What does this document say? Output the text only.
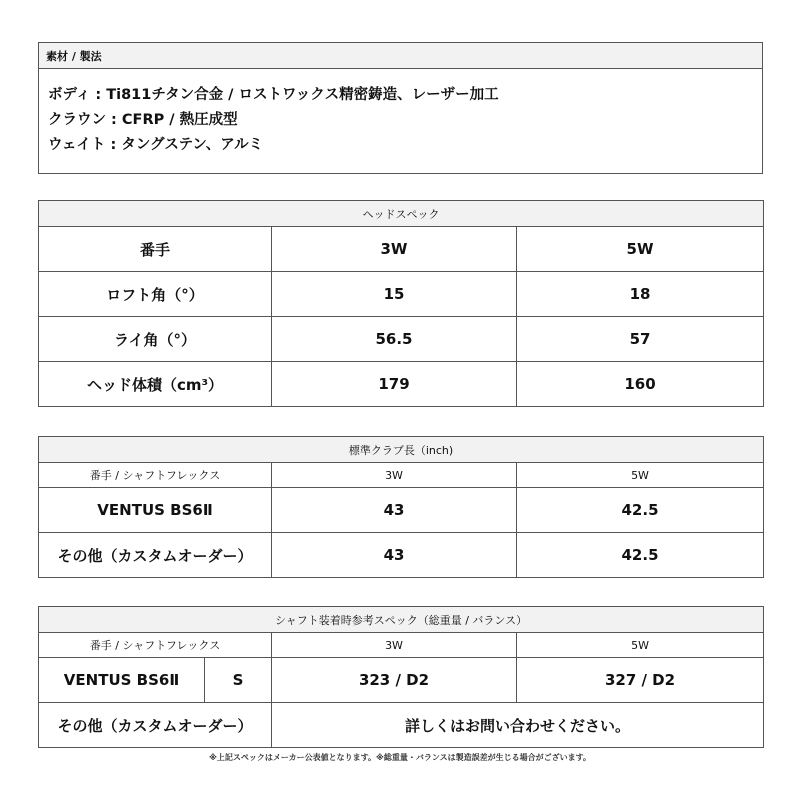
素材 / 製法

ボディ : Ti811チタン合金 / ロストワックス精密鋳造、レーザー加工
クラウン : CFRP / 熱圧成型
ウェイト : タングステン、アルミ
ヘッドスペック		
番手	3W	5W
ロフト角（°）	15	18
ライ角（°）	56.5	57
ヘッド体積（cm³）	179	160
標準クラブ長（inch)		
番手 / シャフトフレックス	3W	5W
VENTUS BS6Ⅱ	43	42.5
その他（カスタムオーダー）	43	42.5
シャフト装着時参考スペック（総重量 / バランス）			
番手 / シャフトフレックス		3W	5W
VENTUS BS6Ⅱ	S	323 / D2	327 / D2
その他（カスタムオーダー）		詳しくはお問い合わせください。	
※上記スペックはメーカー公表値となります。※総重量・バランスは製造誤差が生じる場合がございます。
